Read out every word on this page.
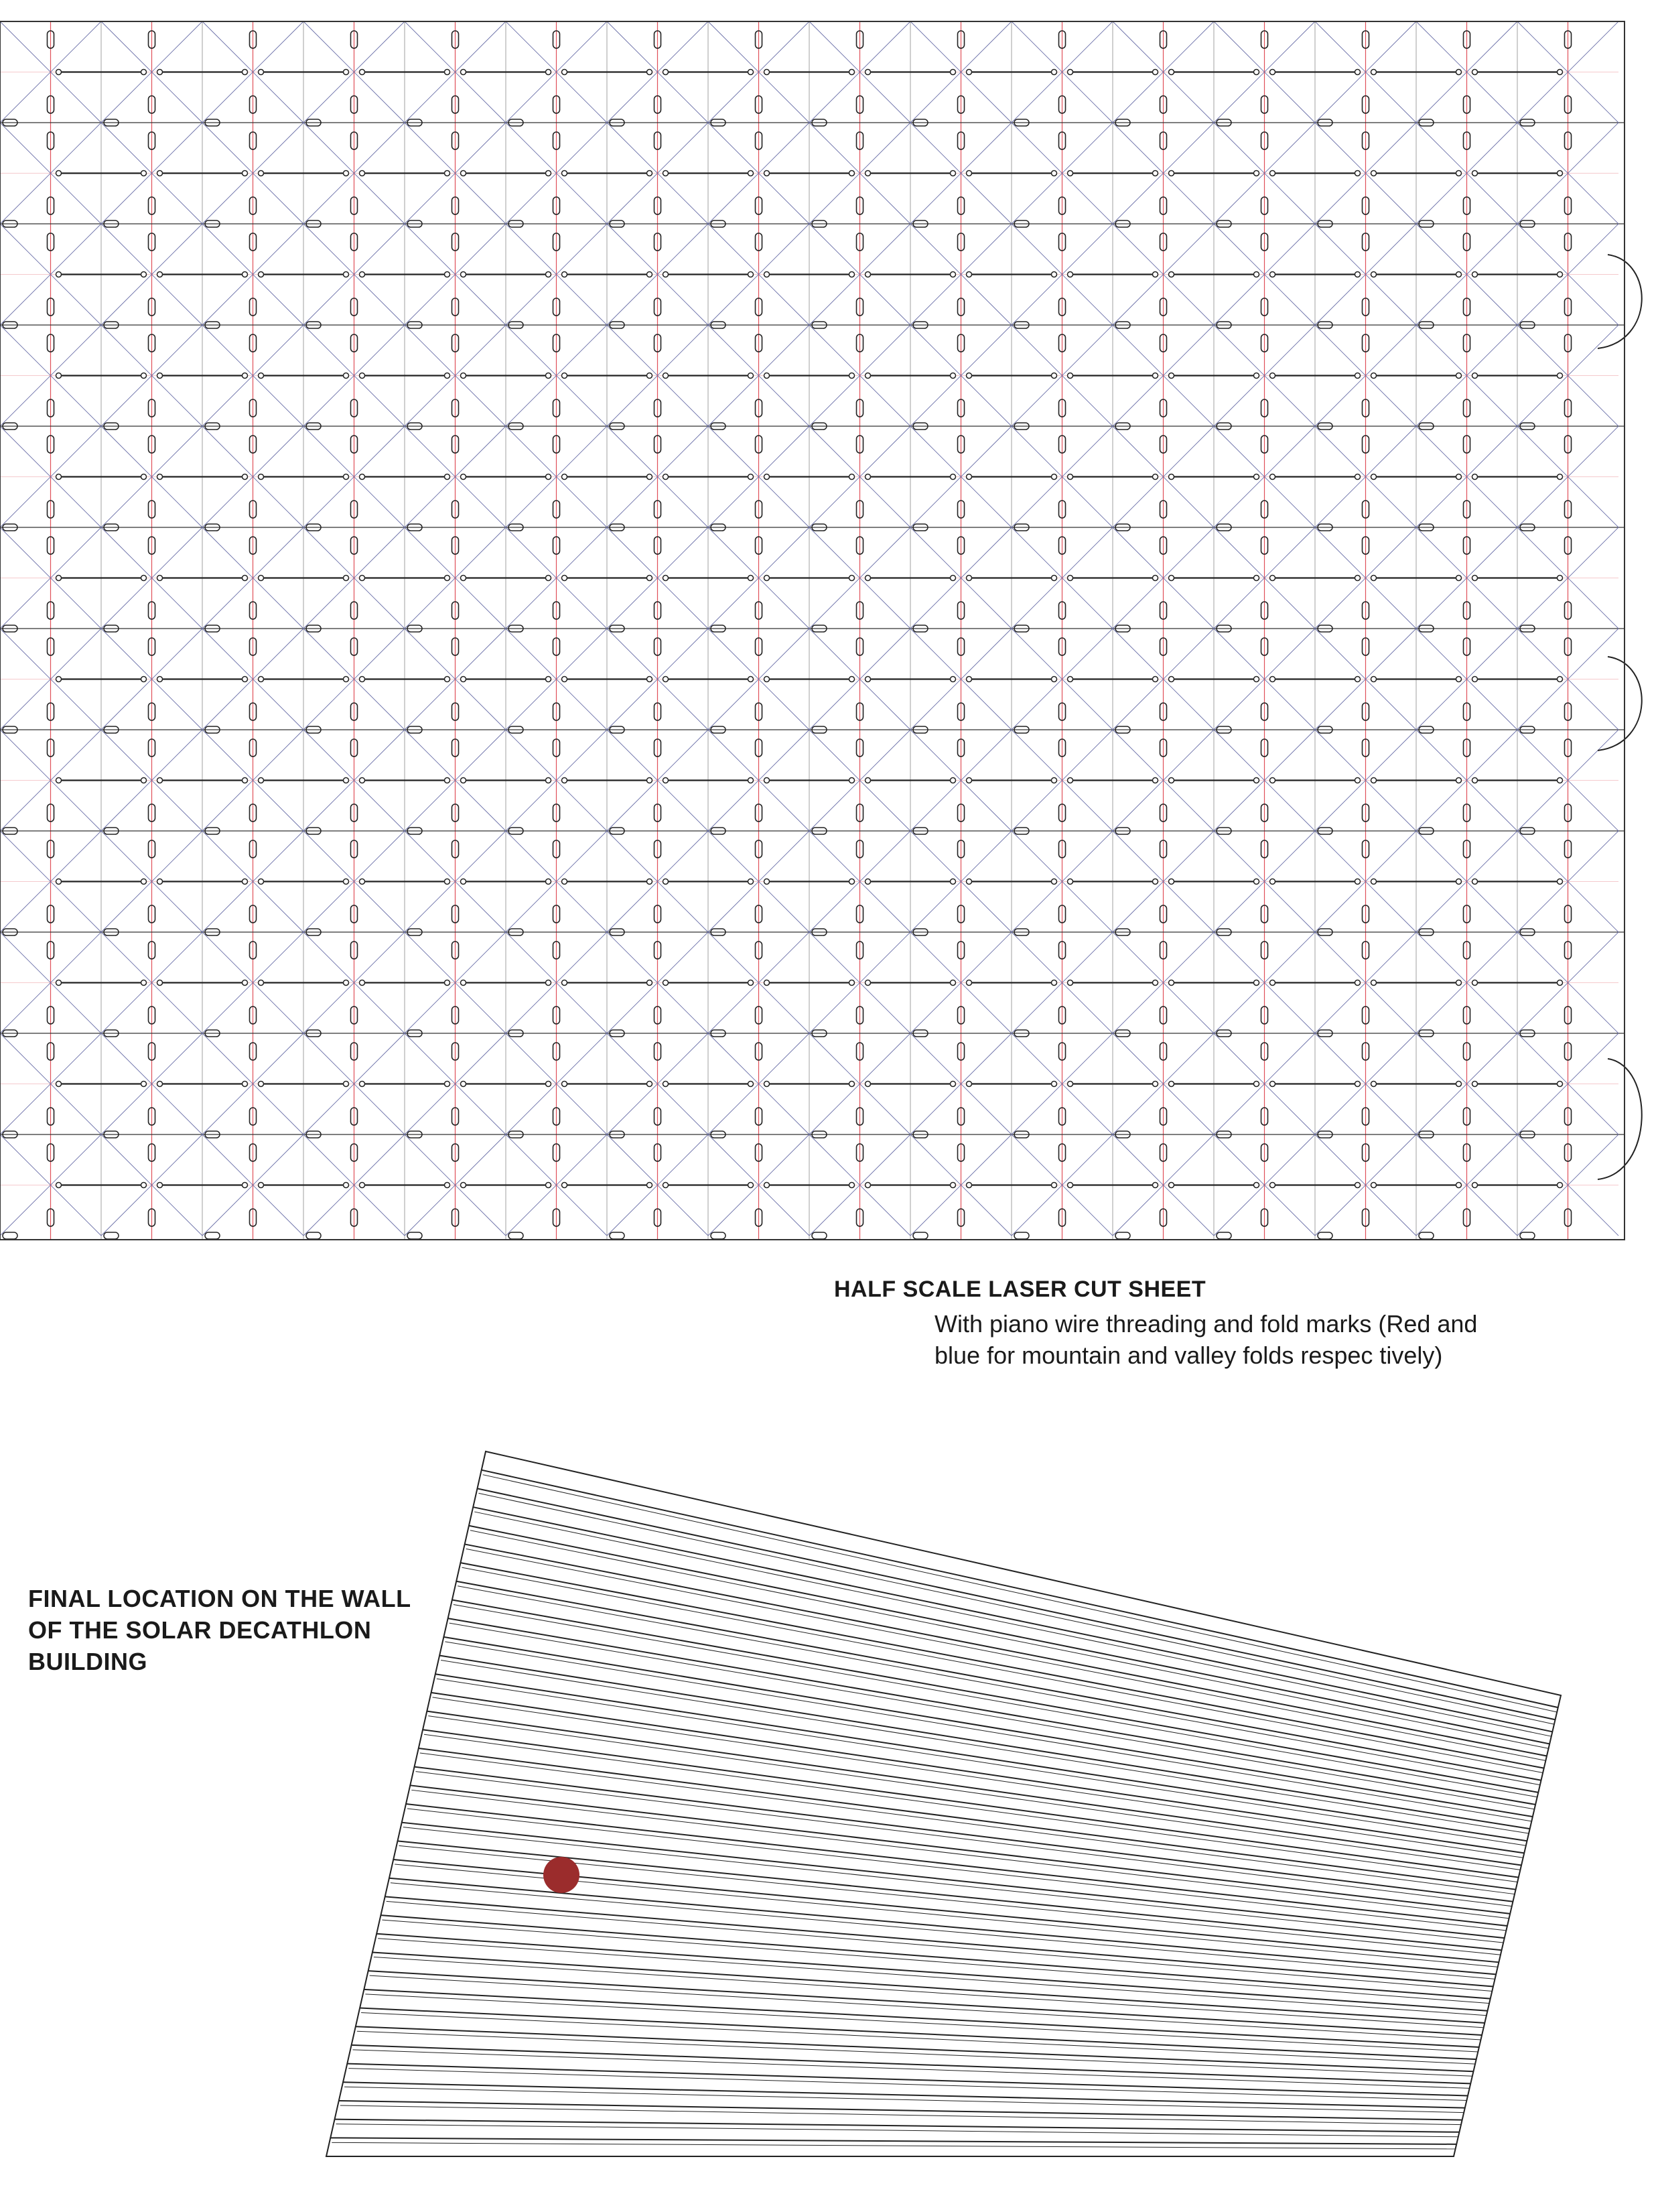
HALF SCALE LASER CUT SHEET
With piano wire threading and fold marks (Red and
blue for mountain and valley folds respec tively)
FINAL LOCATION ON THE WALL
OF THE SOLAR DECATHLON
BUILDING
